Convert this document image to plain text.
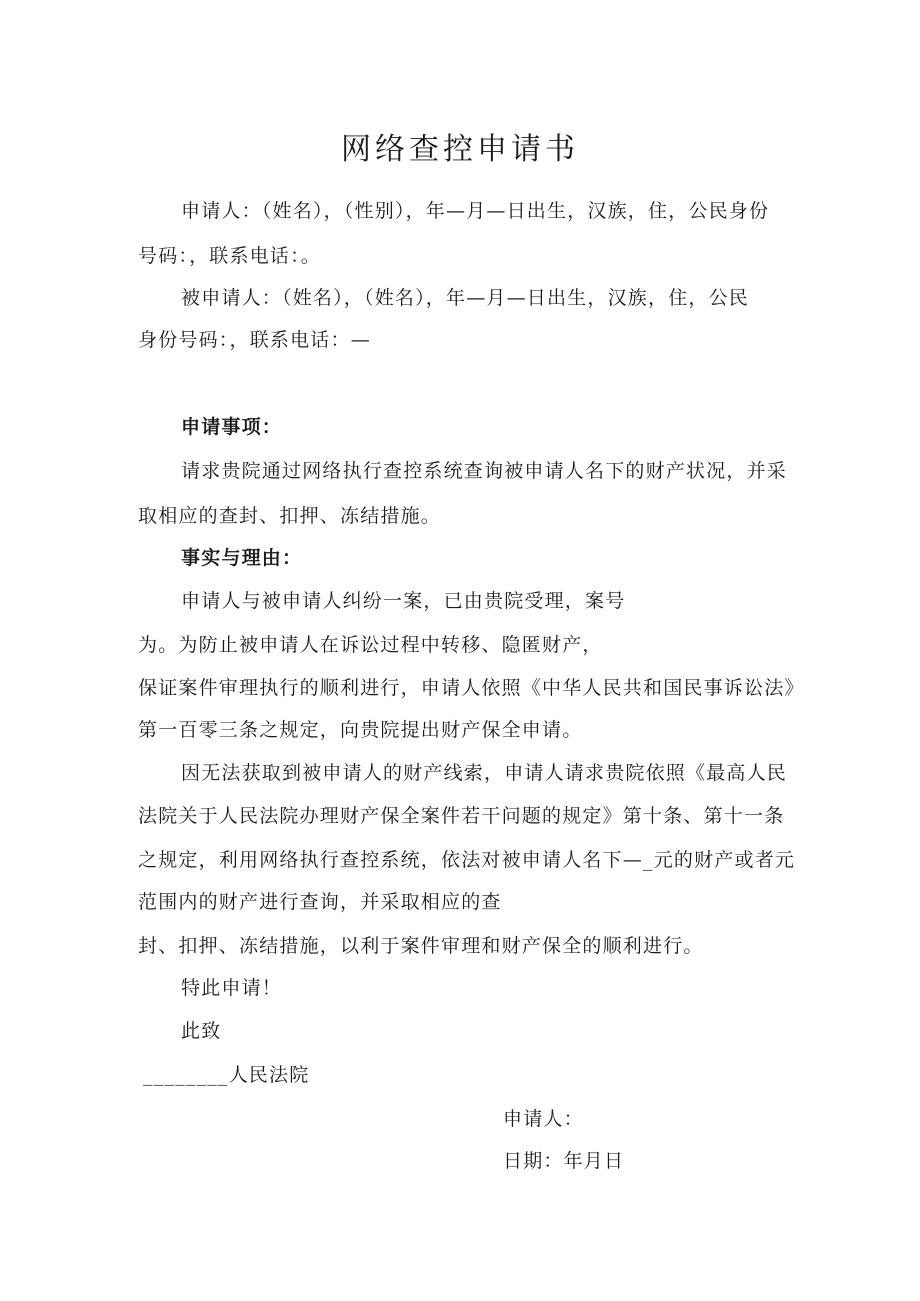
网络查控申请书
申请人：（姓名），（性别），年—月—日出生，汉族，住，公民身份
号码：，联系电话：。
被申请人：（姓名），（姓名），年—月—日出生，汉族，住，公民
身份号码：，联系电话：—
申请事项：
请求贵院通过网络执行查控系统查询被申请人名下的财产状况，并采
取相应的查封、扣押、冻结措施。
事实与理由：
申请人与被申请人纠纷一案，已由贵院受理，案号
为。为防止被申请人在诉讼过程中转移、隐匿财产，
保证案件审理执行的顺利进行，申请人依照《中华人民共和国民事诉讼法》
第一百零三条之规定，向贵院提出财产保全申请。
因无法获取到被申请人的财产线索，申请人请求贵院依照《最高人民
法院关于人民法院办理财产保全案件若干问题的规定》第十条、第十一条
之规定，利用网络执行查控系统，依法对被申请人名下—_元的财产或者元
范围内的财产进行查询，并采取相应的查
封、扣押、冻结措施，以利于案件审理和财产保全的顺利进行。
特此申请！
此致
________人民法院
申请人：
日期：年月日
